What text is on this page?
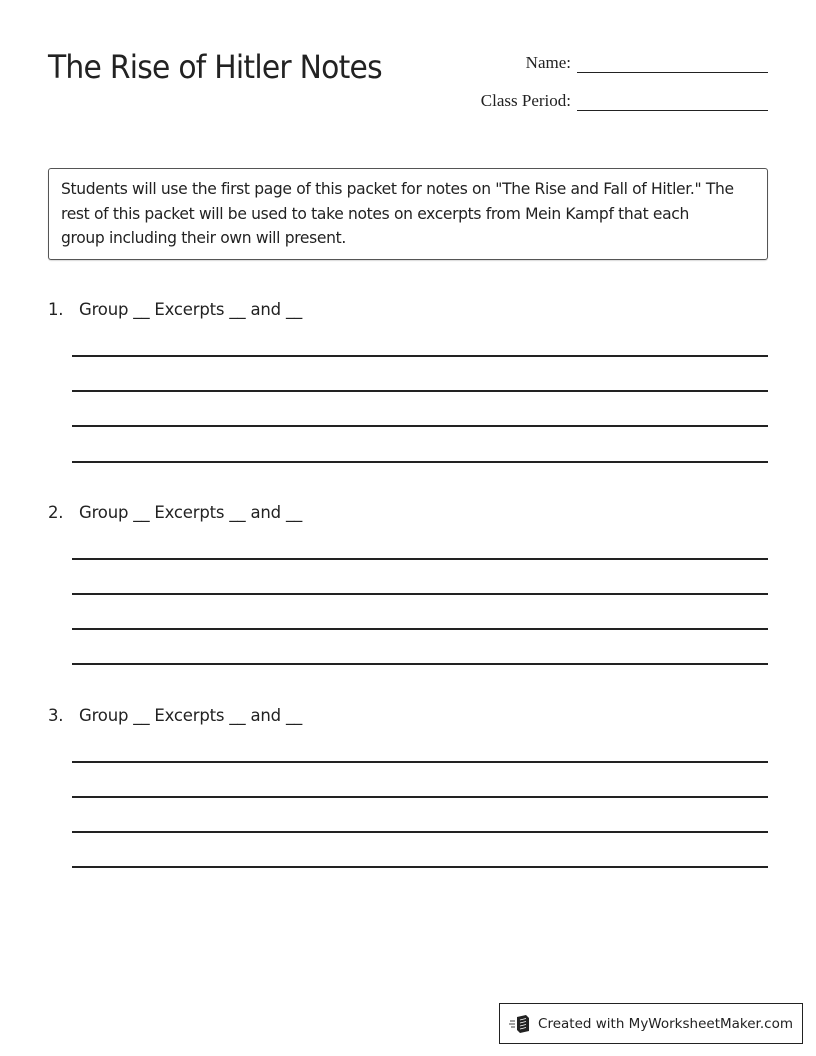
The Rise of Hitler Notes	Name:
Class Period:

Students will use the first page of this packet for notes on "The Rise and Fall of Hitler." The rest of this packet will be used to take notes on excerpts from Mein Kampf that each group including their own will present.

1. Group __ Excerpts __ and __
2. Group __ Excerpts __ and __
3. Group __ Excerpts __ and __
Created with MyWorksheetMaker.com
